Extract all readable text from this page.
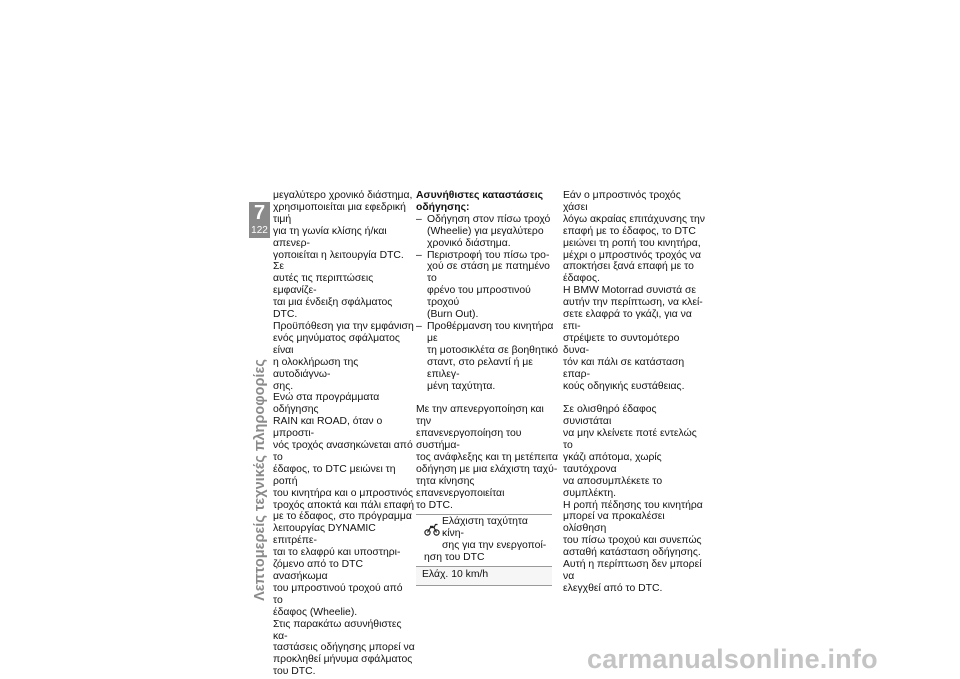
7
122
Λεπτομερείς τεχνικές πληροφορίες

μεγαλύτερο χρονικό διάστημα,
χρησιμοποιείται μια εφεδρική τιμή
για τη γωνία κλίσης ή/και απενερ-
γοποιείται η λειτουργία DTC. Σε
αυτές τις περιπτώσεις εμφανίζε-
ται μια ένδειξη σφάλματος DTC.
Προϋπόθεση για την εμφάνιση
ενός μηνύματος σφάλματος είναι
η ολοκλήρωση της αυτοδιάγνω-
σης.
Ενώ στα προγράμματα οδήγησης
RAIN και ROAD, όταν ο μπροστι-
νός τροχός ανασηκώνεται από το
έδαφος, το DTC μειώνει τη ροπή
του κινητήρα και ο μπροστινός
τροχός αποκτά και πάλι επαφή
με το έδαφος, στο πρόγραμμα
λειτουργίας DYNAMIC επιτρέπε-
ται το ελαφρύ και υποστηρι-
ζόμενο από το DTC ανασήκωμα
του μπροστινού τροχού από το
έδαφος (Wheelie).
Στις παρακάτω ασυνήθιστες κα-
ταστάσεις οδήγησης μπορεί να
προκληθεί μήνυμα σφάλματος
του DTC.

Ασυνήθιστες καταστάσεις
οδήγησης:

– Οδήγηση στον πίσω τροχό
(Wheelie) για μεγαλύτερο
χρονικό διάστημα.
– Περιστροφή του πίσω τρο-
χού σε στάση με πατημένο το
φρένο του μπροστινού τροχού
(Burn Out).
– Προθέρμανση του κινητήρα με
τη μοτοσικλέτα σε βοηθητικό
σταντ, στο ρελαντί ή με επιλεγ-
μένη ταχύτητα.

Με την απενεργοποίηση και την
επανενεργοποίηση του συστήμα-
τος ανάφλεξης και τη μετέπειτα
οδήγηση με μια ελάχιστη ταχύ-
τητα κίνησης επανενεργοποιείται
το DTC.

Ελάχιστη ταχύτητα κίνη-
σης για την ενεργοποί-
ηση του DTC
Ελάχ. 10 km/h

Εάν ο μπροστινός τροχός χάσει
λόγω ακραίας επιτάχυνσης την
επαφή με το έδαφος, το DTC
μειώνει τη ροπή του κινητήρα,
μέχρι ο μπροστινός τροχός να
αποκτήσει ξανά επαφή με το
έδαφος.
Η BMW Motorrad συνιστά σε
αυτήν την περίπτωση, να κλεί-
σετε ελαφρά το γκάζι, για να επι-
στρέψετε το συντομότερο δυνα-
τόν και πάλι σε κατάσταση επαρ-
κούς οδηγικής ευστάθειας.

Σε ολισθηρό έδαφος συνιστάται
να μην κλείνετε ποτέ εντελώς το
γκάζι απότομα, χωρίς ταυτόχρονα
να αποσυμπλέκετε το συμπλέκτη.
Η ροπή πέδησης του κινητήρα
μπορεί να προκαλέσει ολίσθηση
του πίσω τροχού και συνεπώς
ασταθή κατάσταση οδήγησης.
Αυτή η περίπτωση δεν μπορεί να
ελεγχθεί από το DTC.

carmanualsonline.info
